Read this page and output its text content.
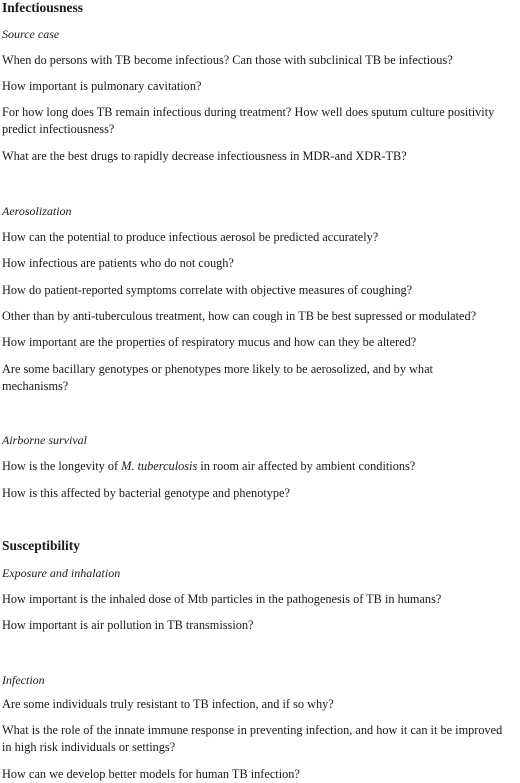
Infectiousness
Source case

When do persons with TB become infectious? Can those with subclinical TB be infectious?

How important is pulmonary cavitation?

For how long does TB remain infectious during treatment? How well does sputum culture positivity predict infectiousness?

What are the best drugs to rapidly decrease infectiousness in MDR-and XDR-TB?

Aerosolization

How can the potential to produce infectious aerosol be predicted accurately?

How infectious are patients who do not cough?

How do patient-reported symptoms correlate with objective measures of coughing?

Other than by anti-tuberculous treatment, how can cough in TB be best supressed or modulated?

How important are the properties of respiratory mucus and how can they be altered?

Are some bacillary genotypes or phenotypes more likely to be aerosolized, and by what mechanisms?

Airborne survival

How is the longevity of M. tuberculosis in room air affected by ambient conditions?

How is this affected by bacterial genotype and phenotype?

Susceptibility
Exposure and inhalation

How important is the inhaled dose of Mtb particles in the pathogenesis of TB in humans?

How important is air pollution in TB transmission?

Infection

Are some individuals truly resistant to TB infection, and if so why?

What is the role of the innate immune response in preventing infection, and how it can it be improved in high risk individuals or settings?

How can we develop better models for human TB infection?
